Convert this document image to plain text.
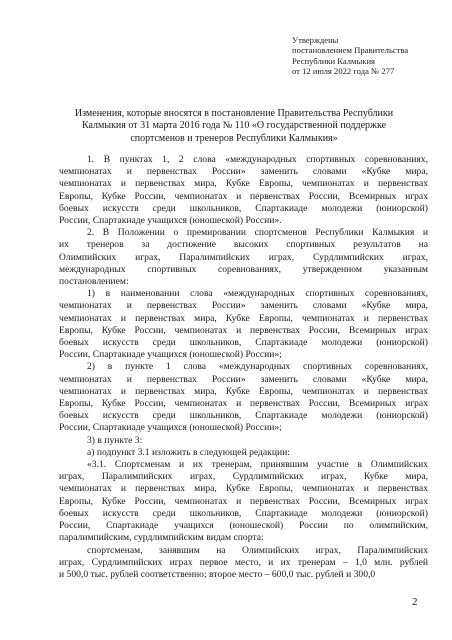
Утверждены
постановлением Правительства
Республики Калмыкия
от 12 июля 2022 года № 277
Изменения, которые вносятся в постановление Правительства Республики
Калмыкия от 31 марта 2016 года № 110 «О государственной поддержке
спортсменов и тренеров Республики Калмыкия»

1. В пунктах 1, 2 слова «международных спортивных соревнованиях,
чемпионатах и первенствах России» заменить словами «Кубке мира,
чемпионатах и первенствах мира, Кубке Европы, чемпионатах и первенствах
Европы, Кубке России, чемпионатах и первенствах России, Всемирных играх
боевых искусств среди школьников, Спартакиаде молодежи (юниорской)
России, Спартакиаде учащихся (юношеской) России».

2. В Положении о премировании спортсменов Республики Калмыкия и
их тренеров за достижение высоких спортивных результатов на
Олимпийских играх, Паралимпийских играх, Сурдлимпийских играх,
международных спортивных соревнованиях, утвержденном указанным
постановлением:

1) в наименовании слова «международных спортивных соревнованиях,
чемпионатах и первенствах России» заменить словами «Кубке мира,
чемпионатах и первенствах мира, Кубке Европы, чемпионатах и первенствах
Европы, Кубке России, чемпионатах и первенствах России, Всемирных играх
боевых искусств среди школьников, Спартакиаде молодежи (юниорской)
России, Спартакиаде учащихся (юношеской) России»;

2) в пункте 1 слова «международных спортивных соревнованиях,
чемпионатах и первенствах России» заменить словами «Кубке мира,
чемпионатах и первенствах мира, Кубке Европы, чемпионатах и первенствах
Европы, Кубке России, чемпионатах и первенствах России, Всемирных играх
боевых искусств среди школьников, Спартакиаде молодежи (юниорской)
России, Спартакиаде учащихся (юношеской) России»;

3) в пункте 3:

а) подпункт 3.1 изложить в следующей редакции:

«3.1. Спортсменам и их тренерам, принявшим участие в Олимпийских
играх, Паралимпийских играх, Сурдлимпийских играх, Кубке мира,
чемпионатах и первенствах мира, Кубке Европы, чемпионатах и первенствах
Европы, Кубке России, чемпионатах и первенствах России, Всемирных играх
боевых искусств среди школьников, Спартакиаде молодежи (юниорской)
России, Спартакиаде учащихся (юношеской) России по олимпийским,
паралимпийским, сурдлимпийским видам спорта:

спортсменам, занявшим на Олимпийских играх, Паралимпийских
играх, Сурдлимпийских играх первое место, и их тренерам – 1,0 млн. рублей
и 500,0 тыс. рублей соответственно; второе место – 600,0 тыс. рублей и 300,0

2
